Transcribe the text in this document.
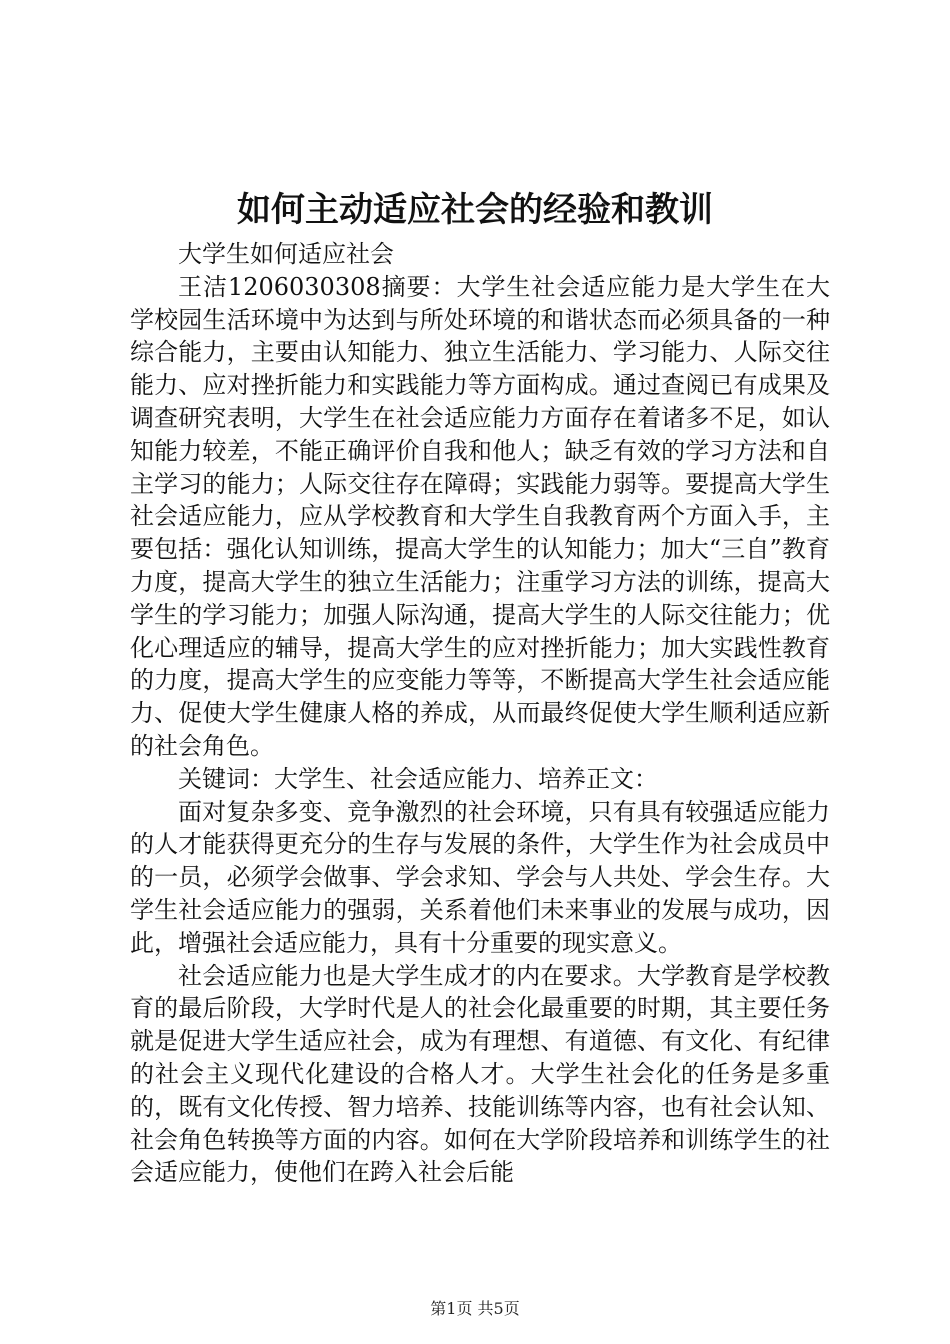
如何主动适应社会的经验和教训

大学生如何适应社会

王洁1206030308摘要：大学生社会适应能力是大学生在大学校园生活环境中为达到与所处环境的和谐状态而必须具备的一种综合能力，主要由认知能力、独立生活能力、学习能力、人际交往能力、应对挫折能力和实践能力等方面构成。通过查阅已有成果及调查研究表明，大学生在社会适应能力方面存在着诸多不足，如认知能力较差，不能正确评价自我和他人；缺乏有效的学习方法和自主学习的能力；人际交往存在障碍；实践能力弱等。要提高大学生社会适应能力，应从学校教育和大学生自我教育两个方面入手，主要包括：强化认知训练，提高大学生的认知能力；加大“三自”教育力度，提高大学生的独立生活能力；注重学习方法的训练，提高大学生的学习能力；加强人际沟通，提高大学生的人际交往能力；优化心理适应的辅导，提高大学生的应对挫折能力；加大实践性教育的力度，提高大学生的应变能力等等，不断提高大学生社会适应能力、促使大学生健康人格的养成，从而最终促使大学生顺利适应新的社会角色。

关键词：大学生、社会适应能力、培养正文：

面对复杂多变、竞争激烈的社会环境，只有具有较强适应能力的人才能获得更充分的生存与发展的条件，大学生作为社会成员中的一员，必须学会做事、学会求知、学会与人共处、学会生存。大学生社会适应能力的强弱，关系着他们未来事业的发展与成功，因此，增强社会适应能力，具有十分重要的现实意义。

社会适应能力也是大学生成才的内在要求。大学教育是学校教育的最后阶段，大学时代是人的社会化最重要的时期，其主要任务就是促进大学生适应社会，成为有理想、有道德、有文化、有纪律的社会主义现代化建设的合格人才。大学生社会化的任务是多重的，既有文化传授、智力培养、技能训练等内容，也有社会认知、社会角色转换等方面的内容。如何在大学阶段培养和训练学生的社会适应能力，使他们在跨入社会后能

第1页 共5页
